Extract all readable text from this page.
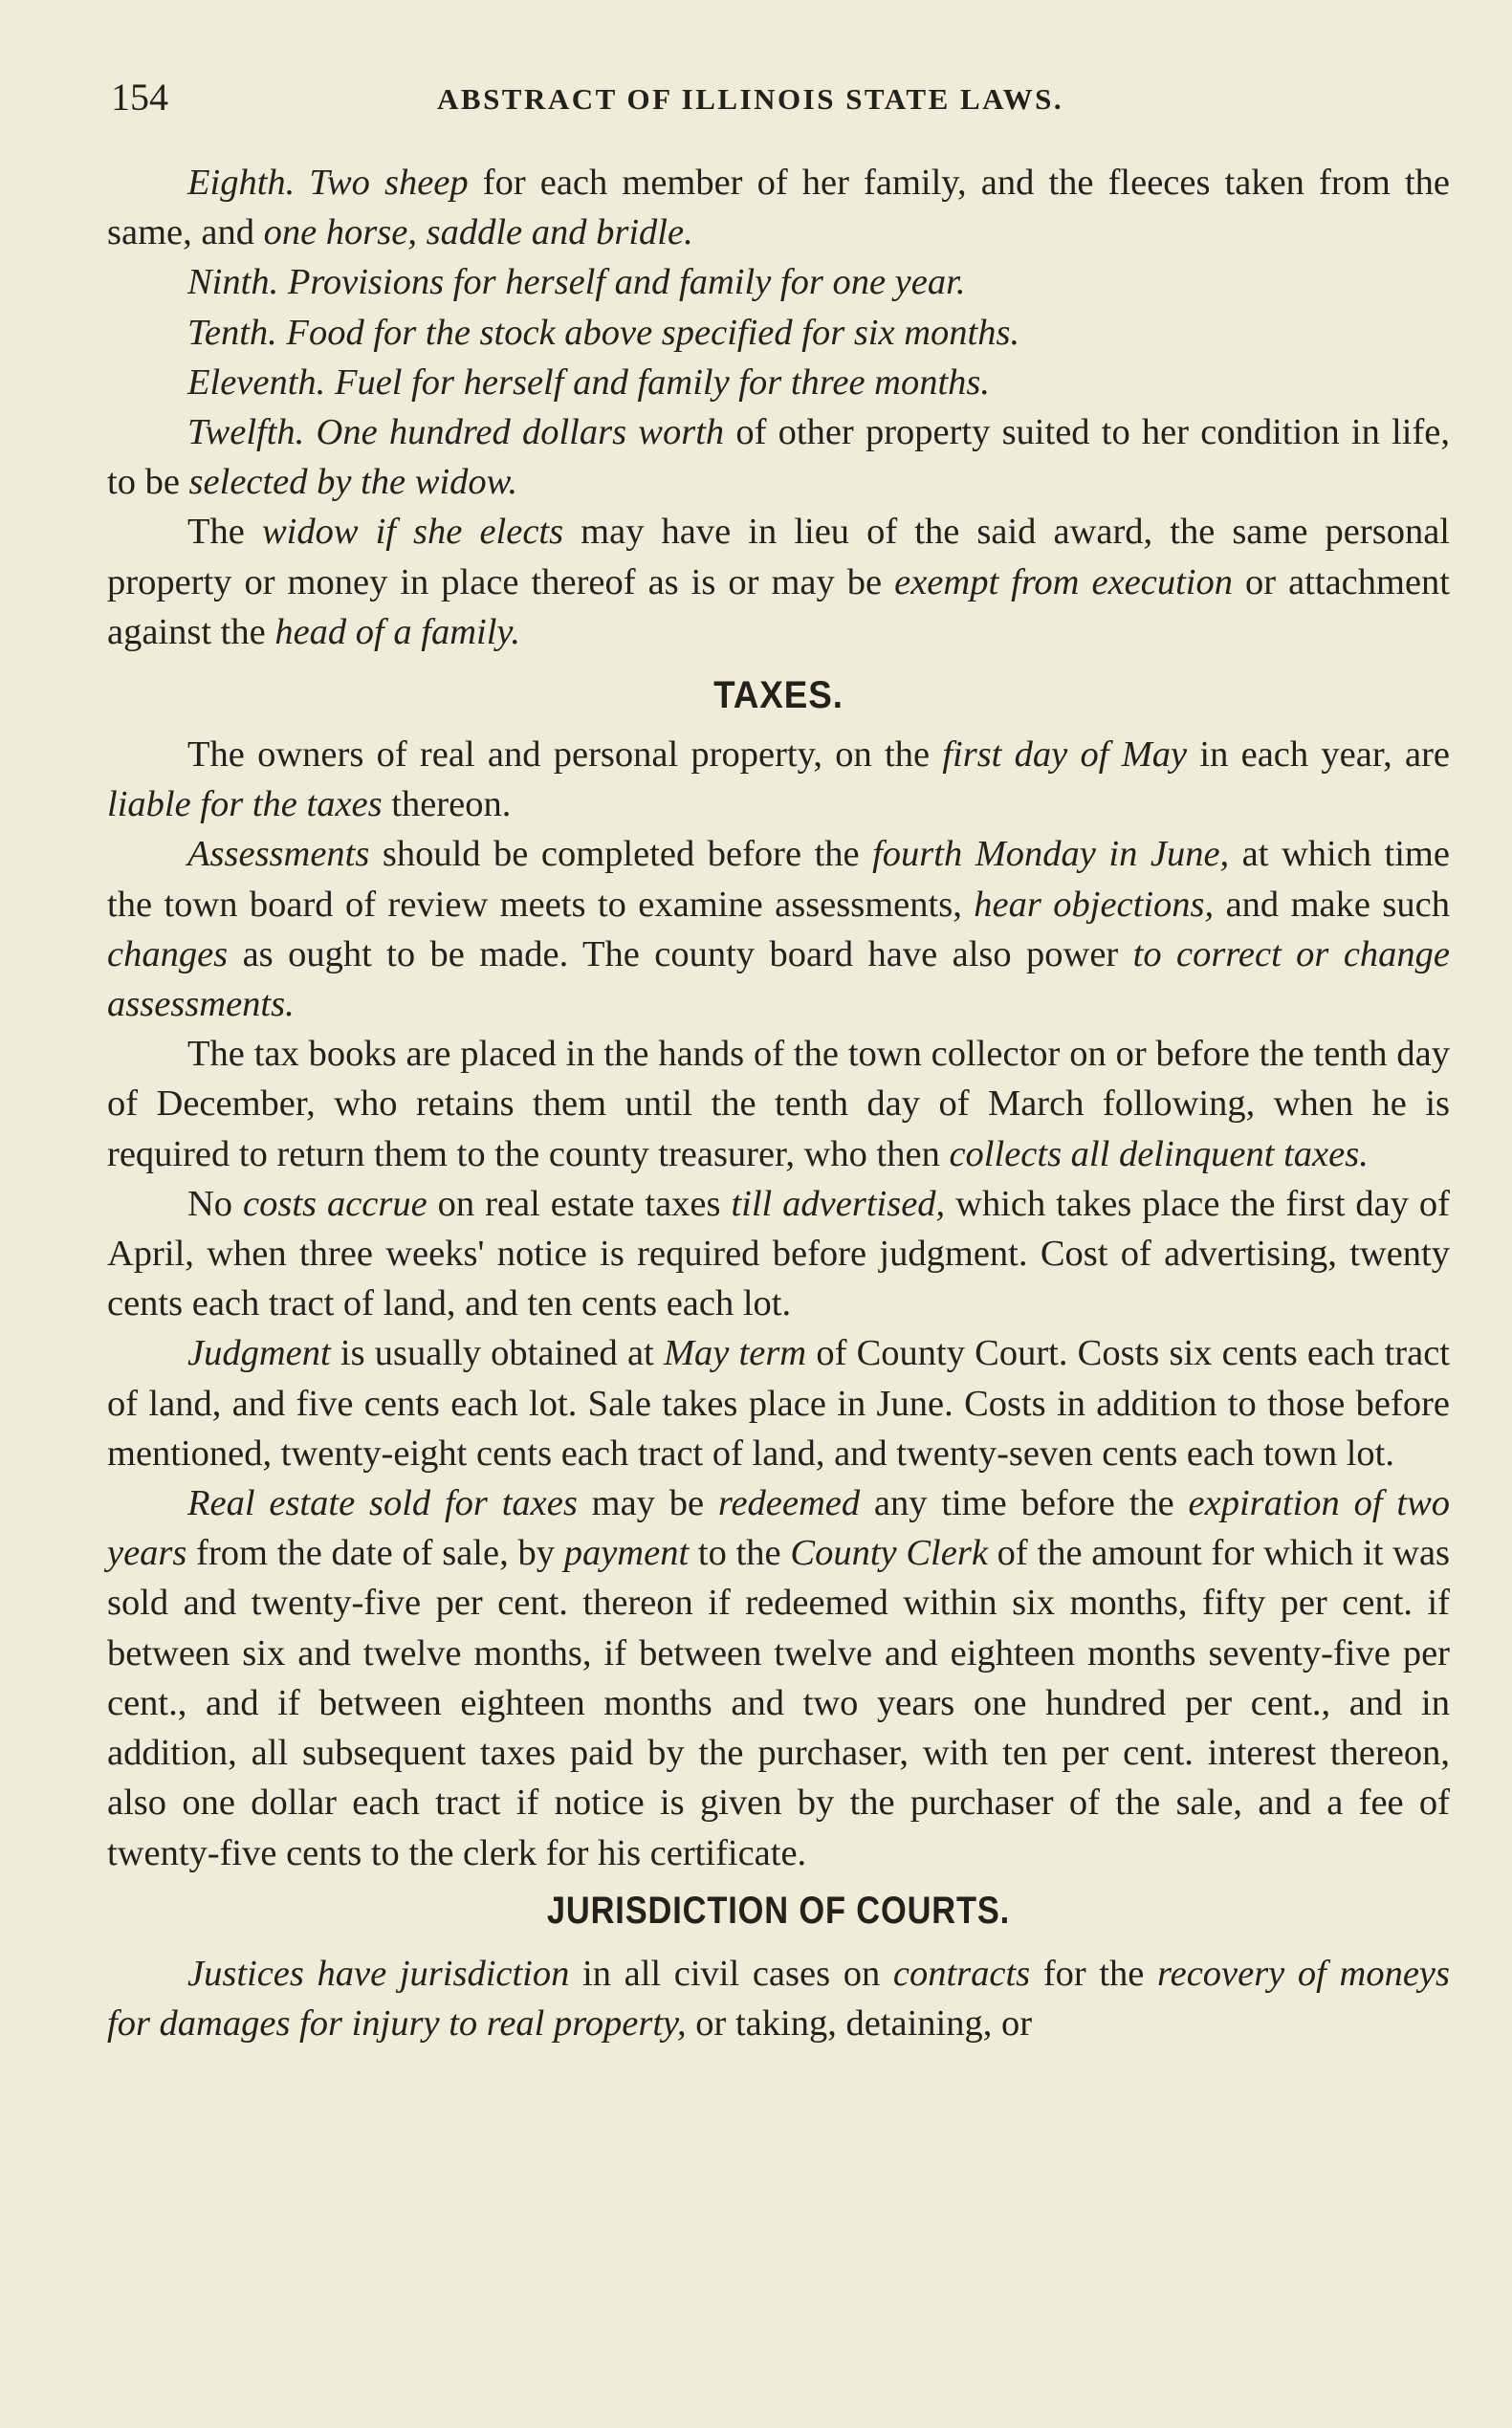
154	ABSTRACT OF ILLINOIS STATE LAWS.

Eighth. Two sheep for each member of her family, and the fleeces taken from the same, and one horse, saddle and bridle.

Ninth. Provisions for herself and family for one year.

Tenth. Food for the stock above specified for six months.

Eleventh. Fuel for herself and family for three months.

Twelfth. One hundred dollars worth of other property suited to her condition in life, to be selected by the widow.

The widow if she elects may have in lieu of the said award, the same personal property or money in place thereof as is or may be exempt from execution or attachment against the head of a family.

TAXES.

The owners of real and personal property, on the first day of May in each year, are liable for the taxes thereon.

Assessments should be completed before the fourth Monday in June, at which time the town board of review meets to examine assessments, hear objections, and make such changes as ought to be made. The county board have also power to correct or change assessments.

The tax books are placed in the hands of the town collector on or before the tenth day of December, who retains them until the tenth day of March following, when he is required to return them to the county treasurer, who then collects all delinquent taxes.

No costs accrue on real estate taxes till advertised, which takes place the first day of April, when three weeks' notice is required before judgment. Cost of advertising, twenty cents each tract of land, and ten cents each lot.

Judgment is usually obtained at May term of County Court. Costs six cents each tract of land, and five cents each lot. Sale takes place in June. Costs in addition to those before mentioned, twenty-eight cents each tract of land, and twenty-seven cents each town lot.

Real estate sold for taxes may be redeemed any time before the expiration of two years from the date of sale, by payment to the County Clerk of the amount for which it was sold and twenty-five per cent. thereon if redeemed within six months, fifty per cent. if between six and twelve months, if between twelve and eighteen months seventy-five per cent., and if between eighteen months and two years one hundred per cent., and in addition, all subsequent taxes paid by the purchaser, with ten per cent. interest thereon, also one dollar each tract if notice is given by the purchaser of the sale, and a fee of twenty-five cents to the clerk for his certificate.

JURISDICTION OF COURTS.

Justices have jurisdiction in all civil cases on contracts for the recovery of moneys for damages for injury to real property, or taking, detaining, or
